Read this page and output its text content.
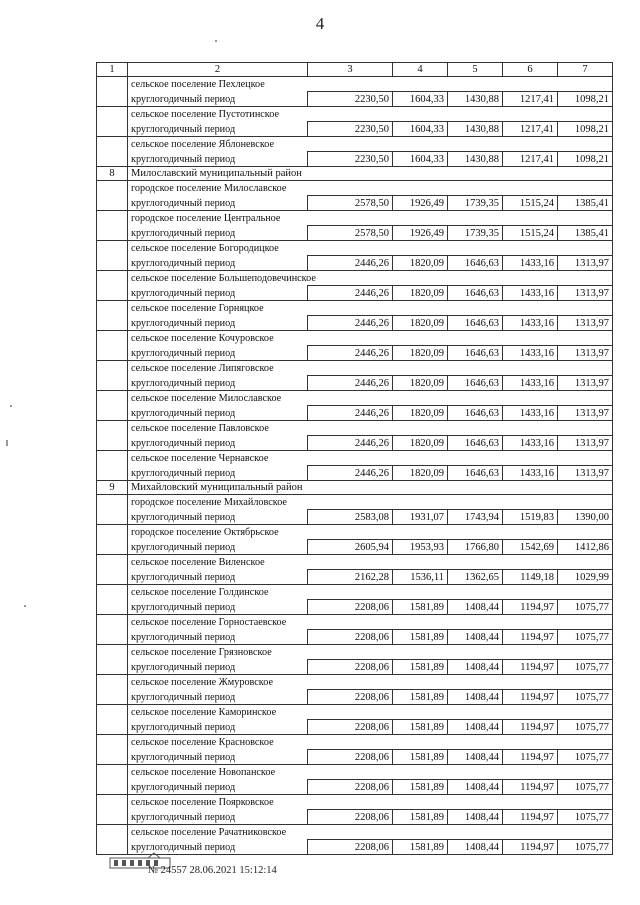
4
1	2	3	4	5	6	7
	сельское поселение Пехлецкое					
	круглогодичный период	2230,50	1604,33	1430,88	1217,41	1098,21
	сельское поселение Пустотинское					
	круглогодичный период	2230,50	1604,33	1430,88	1217,41	1098,21
	сельское поселение Яблоневское					
	круглогодичный период	2230,50	1604,33	1430,88	1217,41	1098,21
8	Милославский муниципальный район					
	городское поселение Милославское					
	круглогодичный период	2578,50	1926,49	1739,35	1515,24	1385,41
	городское поселение Центральное					
	круглогодичный период	2578,50	1926,49	1739,35	1515,24	1385,41
	сельское поселение Богородицкое					
	круглогодичный период	2446,26	1820,09	1646,63	1433,16	1313,97
	сельское поселение Большеподовечинское					
	круглогодичный период	2446,26	1820,09	1646,63	1433,16	1313,97
	сельское поселение Горняцкое					
	круглогодичный период	2446,26	1820,09	1646,63	1433,16	1313,97
	сельское поселение Кочуровское					
	круглогодичный период	2446,26	1820,09	1646,63	1433,16	1313,97
	сельское поселение Липяговское					
	круглогодичный период	2446,26	1820,09	1646,63	1433,16	1313,97
	сельское поселение Милославское					
	круглогодичный период	2446,26	1820,09	1646,63	1433,16	1313,97
	сельское поселение Павловское					
	круглогодичный период	2446,26	1820,09	1646,63	1433,16	1313,97
	сельское поселение Чернавское					
	круглогодичный период	2446,26	1820,09	1646,63	1433,16	1313,97
9	Михайловский муниципальный район					
	городское поселение Михайловское					
	круглогодичный период	2583,08	1931,07	1743,94	1519,83	1390,00
	городское поселение Октябрьское					
	круглогодичный период	2605,94	1953,93	1766,80	1542,69	1412,86
	сельское поселение Виленское					
	круглогодичный период	2162,28	1536,11	1362,65	1149,18	1029,99
	сельское поселение Голдинское					
	круглогодичный период	2208,06	1581,89	1408,44	1194,97	1075,77
	сельское поселение Горностаевское					
	круглогодичный период	2208,06	1581,89	1408,44	1194,97	1075,77
	сельское поселение Грязновское					
	круглогодичный период	2208,06	1581,89	1408,44	1194,97	1075,77
	сельское поселение Жмуровское					
	круглогодичный период	2208,06	1581,89	1408,44	1194,97	1075,77
	сельское поселение Каморинское					
	круглогодичный период	2208,06	1581,89	1408,44	1194,97	1075,77
	сельское поселение Красновское					
	круглогодичный период	2208,06	1581,89	1408,44	1194,97	1075,77
	сельское поселение Новопанское					
	круглогодичный период	2208,06	1581,89	1408,44	1194,97	1075,77
	сельское поселение Поярковское					
	круглогодичный период	2208,06	1581,89	1408,44	1194,97	1075,77
	сельское поселение Рачатниковское					
	круглогодичный период	2208,06	1581,89	1408,44	1194,97	1075,77
№ 24557 28.06.2021 15:12:14
